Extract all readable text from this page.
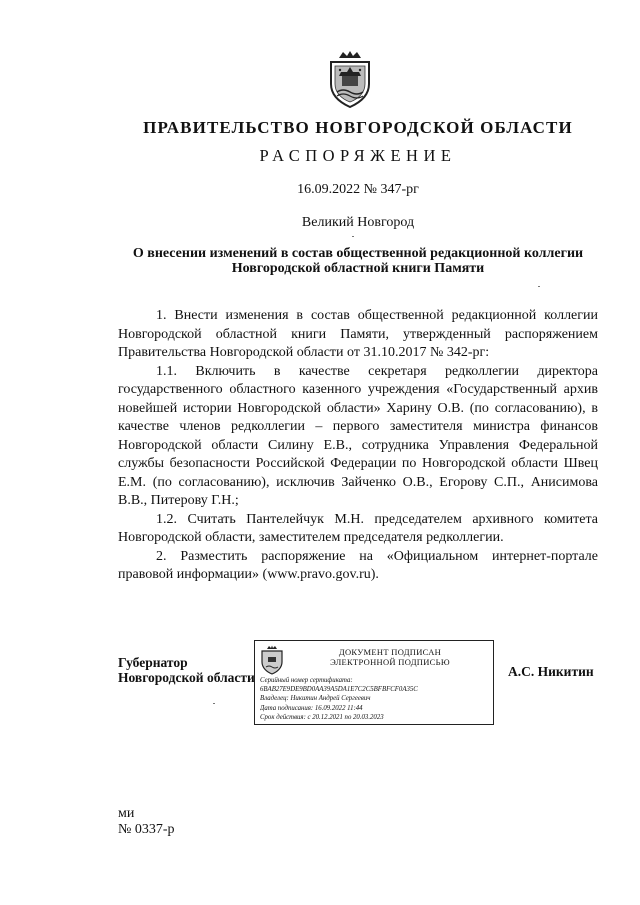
ПРАВИТЕЛЬСТВО НОВГОРОДСКОЙ ОБЛАСТИ
РАСПОРЯЖЕНИЕ
16.09.2022 № 347-рг
Великий Новгород
О внесении изменений в состав общественной редакционной коллегии
Новгородской областной книги Памяти

1. Внести изменения в состав общественной редакционной коллегии Новгородской областной книги Памяти, утвержденный распоряжением Правительства Новгородской области от 31.10.2017 № 342-рг:

1.1. Включить в качестве секретаря редколлегии директора государственного областного казенного учреждения «Государственный архив новейшей истории Новгородской области» Харину О.В. (по согласованию), в качестве членов редколлегии – первого заместителя министра финансов Новгородской области Силину Е.В., сотрудника Управления Федеральной службы безопасности Российской Федерации по Новгородской области Швец Е.М. (по согласованию), исключив Зайченко О.В., Егорову С.П., Анисимова В.В., Питерову Г.Н.;

1.2. Считать Пантелейчук М.Н. председателем архивного комитета Новгородской области, заместителем председателя редколлегии.

2. Разместить распоряжение на «Официальном интернет-портале правовой информации» (www.pravo.gov.ru).

Губернатор
Новгородской области
ДОКУМЕНТ ПОДПИСАН
ЭЛЕКТРОННОЙ ПОДПИСЬЮ
Серийный номер сертификата:
6BAB27E9DE9BD0AA39A5DA1E7C2C5BFBFCF0A35C
Владелец: Никитин Андрей Сергеевич
Дата подписания: 16.09.2022 11:44
Срок действия: с 20.12.2021 по 20.03.2023
А.С. Никитин
ми
№ 0337-р
